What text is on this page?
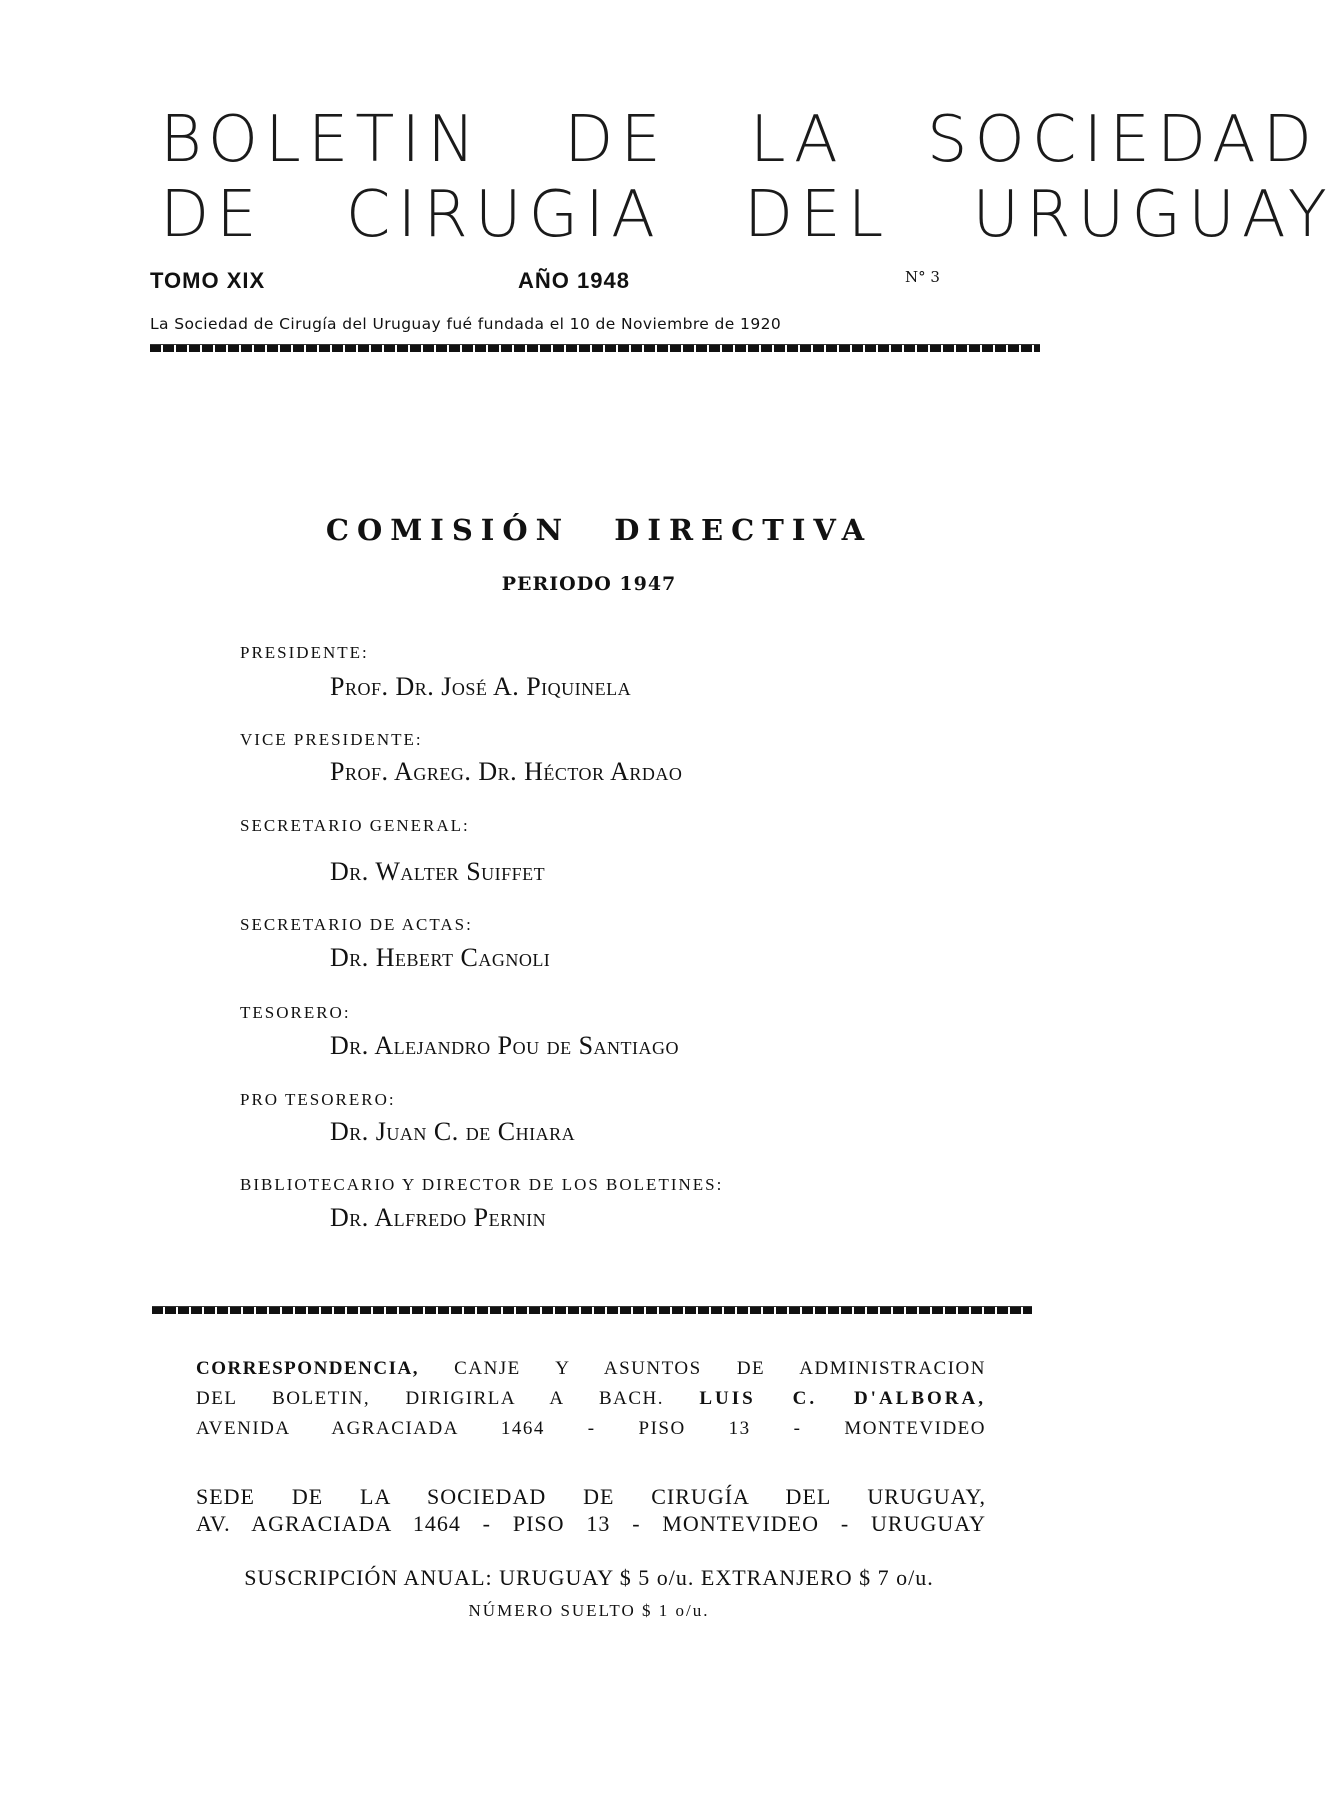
BOLETIN   DE   LA   SOCIEDAD
DE   CIRUGIA   DEL   URUGUAY
TOMO XIX	AÑO 1948	N° 3
La Sociedad de Cirugía del Uruguay fué fundada el 10 de Noviembre de 1920
COMISIÓN DIRECTIVA
PERIODO 1947
PRESIDENTE:
Prof. Dr. José A. Piquinela
VICE PRESIDENTE:
Prof. Agreg. Dr. Héctor Ardao
SECRETARIO GENERAL:
Dr. Walter Suiffet
SECRETARIO DE ACTAS:
Dr. Hebert Cagnoli
TESORERO:
Dr. Alejandro Pou de Santiago
PRO TESORERO:
Dr. Juan C. de Chiara
BIBLIOTECARIO Y DIRECTOR DE LOS BOLETINES:
Dr. Alfredo Pernin
CORRESPONDENCIA, CANJE Y ASUNTOS DE ADMINISTRACION
DEL BOLETIN, DIRIGIRLA A BACH. LUIS C. D'ALBORA,
AVENIDA AGRACIADA 1464 - PISO 13 - MONTEVIDEO
SEDE DE LA SOCIEDAD DE CIRUGÍA DEL URUGUAY,
AV. AGRACIADA 1464 - PISO 13 - MONTEVIDEO - URUGUAY
SUSCRIPCIÓN ANUAL: URUGUAY $ 5 o/u. EXTRANJERO $ 7 o/u.
NÚMERO SUELTO $ 1 o/u.
